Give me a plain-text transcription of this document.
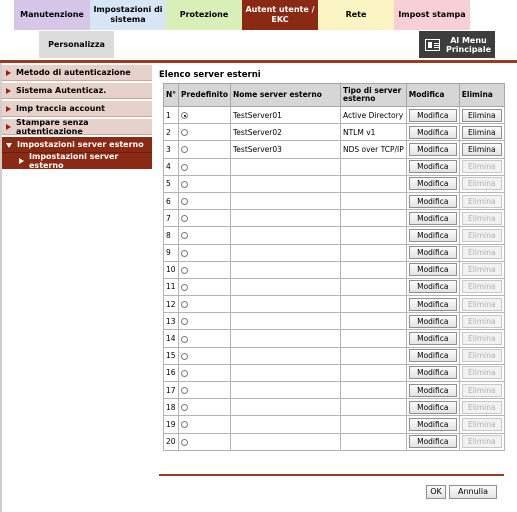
Manutenzione
Impostazioni di sistema
Protezione
Autent utente / EKC
Rete	Impost stampa
Personalizza	Al Menu Principale
Metodo di autenticazione
Sistema Autenticaz.
Imp traccia account
Stampare senza autenticazione
Impostazioni server esterno
Impostazioni server esterno
Elenco server esterni
N°	Predefinito	Nome server esterno	Tipo di server esterno	Modifica	Elimina
1		TestServer01	Active Directory	Modifica	Elimina
2		TestServer02	NTLM v1	Modifica	Elimina
3		TestServer03	NDS over TCP/IP	Modifica	Elimina
4				Modifica	Elimina
5				Modifica	Elimina
6				Modifica	Elimina
7				Modifica	Elimina
8				Modifica	Elimina
9				Modifica	Elimina
10				Modifica	Elimina
11				Modifica	Elimina
12				Modifica	Elimina
13				Modifica	Elimina
14				Modifica	Elimina
15				Modifica	Elimina
16				Modifica	Elimina
17				Modifica	Elimina
18				Modifica	Elimina
19				Modifica	Elimina
20				Modifica	Elimina
OK	Annulla
